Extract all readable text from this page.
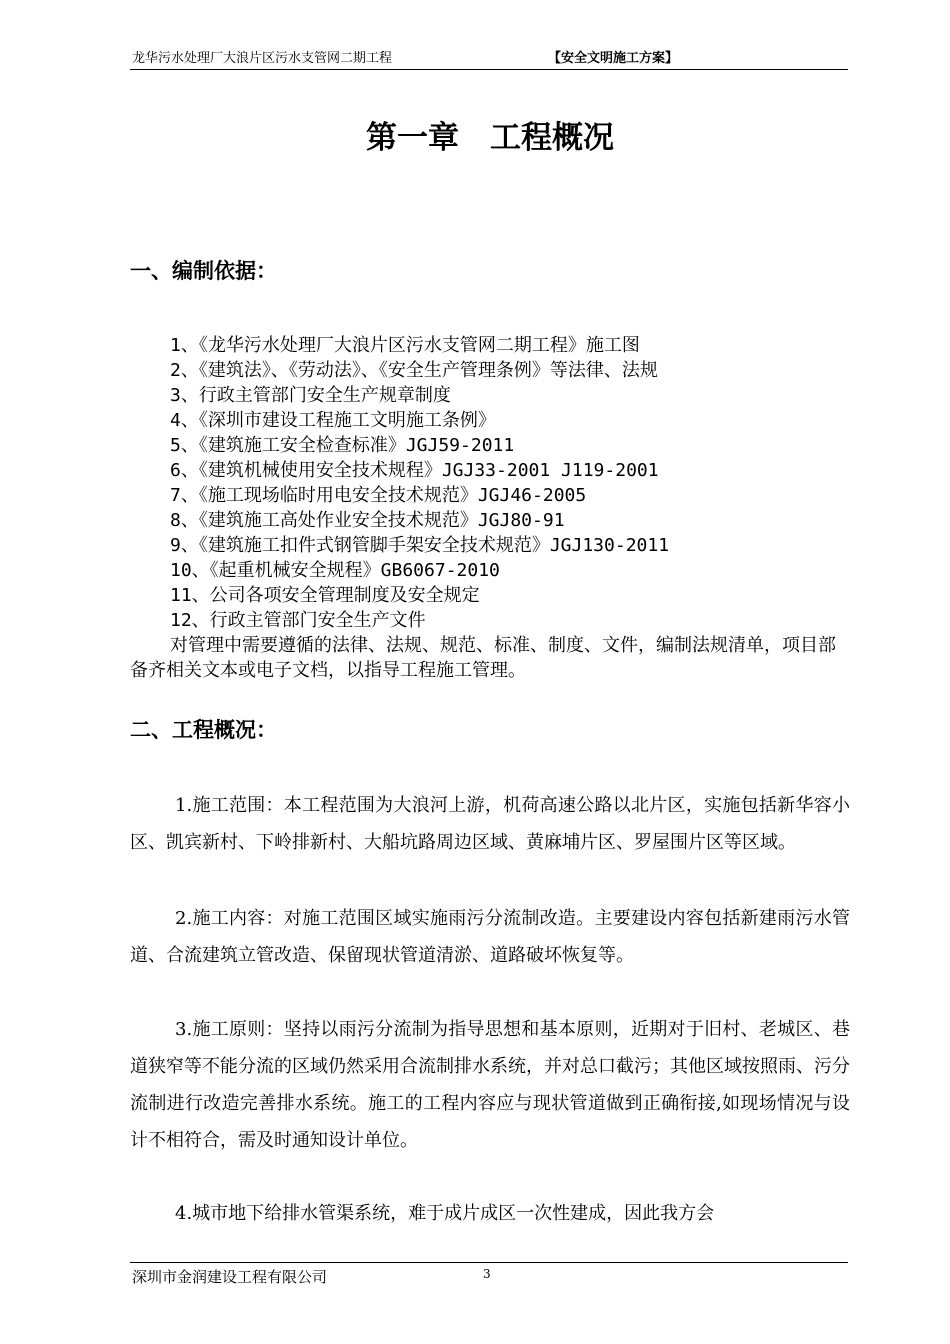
龙华污水处理厂大浪片区污水支管网二期工程	【安全文明施工方案】
第一章　工程概况
一、编制依据：
1、《龙华污水处理厂大浪片区污水支管网二期工程》施工图
2、《建筑法》、《劳动法》、《安全生产管理条例》等法律、法规
3、行政主管部门安全生产规章制度
4、《深圳市建设工程施工文明施工条例》
5、《建筑施工安全检查标准》JGJ59-2011
6、《建筑机械使用安全技术规程》JGJ33-2001 J119-2001
7、《施工现场临时用电安全技术规范》JGJ46-2005
8、《建筑施工高处作业安全技术规范》JGJ80-91
9、《建筑施工扣件式钢管脚手架安全技术规范》JGJ130-2011
10、《起重机械安全规程》GB6067-2010
11、公司各项安全管理制度及安全规定
12、行政主管部门安全生产文件

对管理中需要遵循的法律、法规、规范、标准、制度、文件，编制法规清单，项目部备齐相关文本或电子文档，以指导工程施工管理。

二、工程概况：

1.施工范围：本工程范围为大浪河上游，机荷高速公路以北片区，实施包括新华容小区、凯宾新村、下岭排新村、大船坑路周边区域、黄麻埔片区、罗屋围片区等区域。

2.施工内容：对施工范围区域实施雨污分流制改造。主要建设内容包括新建雨污水管道、合流建筑立管改造、保留现状管道清淤、道路破坏恢复等。

3.施工原则：坚持以雨污分流制为指导思想和基本原则，近期对于旧村、老城区、巷道狭窄等不能分流的区域仍然采用合流制排水系统，并对总口截污；其他区域按照雨、污分流制进行改造完善排水系统。施工的工程内容应与现状管道做到正确衔接,如现场情况与设计不相符合，需及时通知设计单位。

4.城市地下给排水管渠系统，难于成片成区一次性建成，因此我方会

深圳市金润建设工程有限公司	3
